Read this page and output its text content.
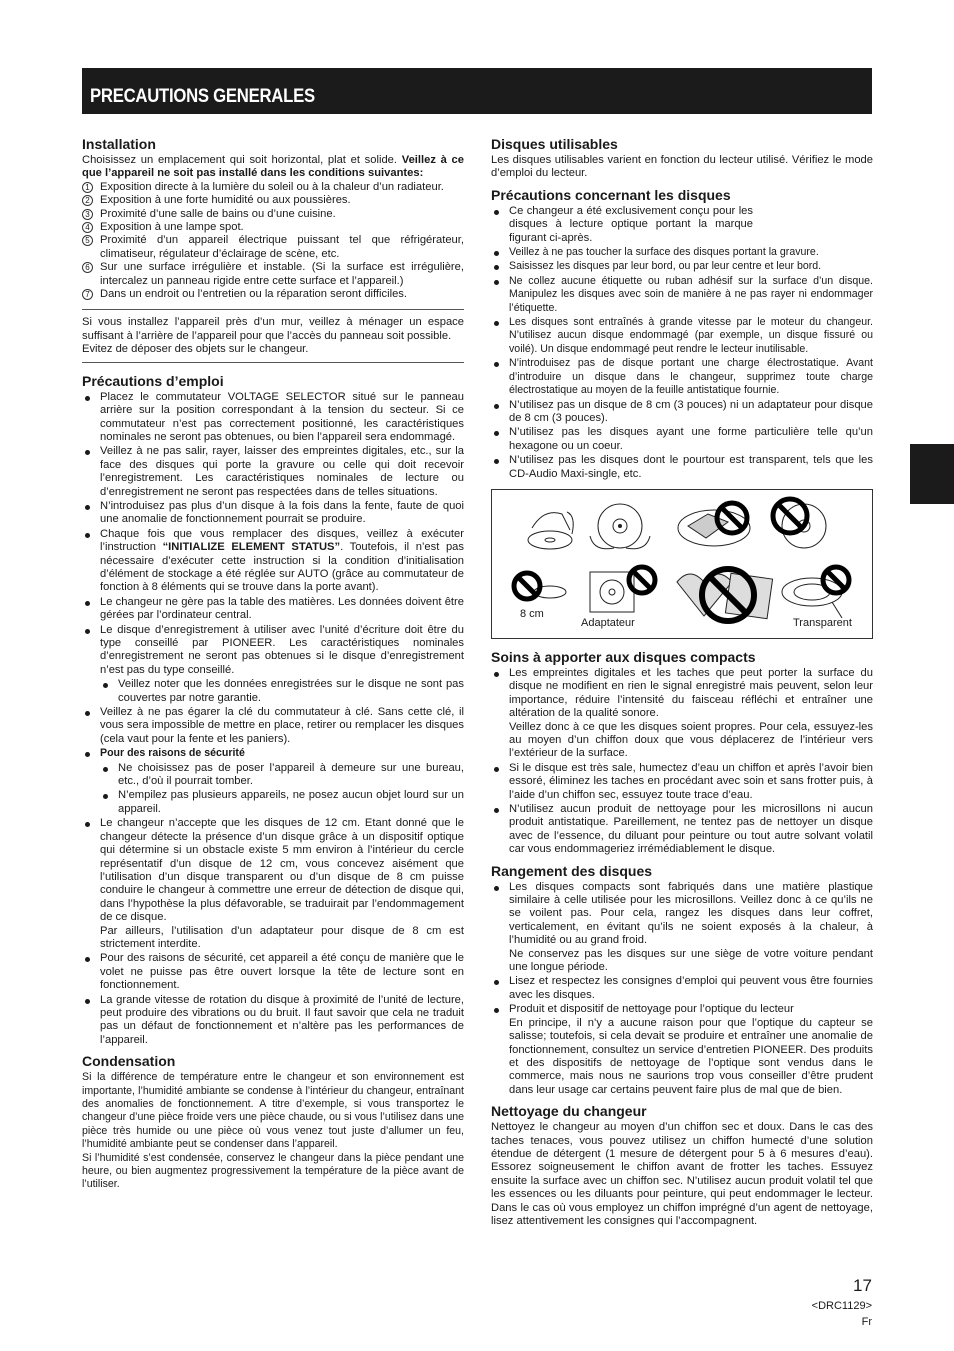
PRECAUTIONS GENERALES
Installation

Choisissez un emplacement qui soit horizontal, plat et solide. Veillez à ce que l’appareil ne soit pas installé dans les conditions suivantes:

1 Exposition directe à la lumière du soleil ou à la chaleur d’un radiateur.
2 Exposition à une forte humidité ou aux poussières.
3 Proximité d’une salle de bains ou d’une cuisine.
4 Exposition à une lampe spot.
5 Proximité d’un appareil électrique puissant tel que réfrigérateur, climatiseur, régulateur d’éclairage de scène, etc.
6 Sur une surface irrégulière et instable. (Si la surface est irrégulière, intercalez un panneau rigide entre cette surface et l’appareil.)
7 Dans un endroit ou l’entretien ou la réparation seront difficiles.

Si vous installez l’appareil près d’un mur, veillez à ménager un espace suffisant à l’arrière de l’appareil pour que l’accès du panneau soit possible.

Evitez de déposer des objets sur le changeur.

Précautions d’emploi
Placez le commutateur VOLTAGE SELECTOR situé sur le panneau arrière sur la position correspondant à la tension du secteur. Si ce commutateur n’est pas correctement positionné, les caractéristiques nominales ne seront pas obtenues, ou bien l’appareil sera endommagé.
Veillez à ne pas salir, rayer, laisser des empreintes digitales, etc., sur la face des disques qui porte la gravure ou celle qui doit recevoir l’enregistrement. Les caractéristiques nominales de lecture ou d’enregistrement ne seront pas respectées dans de telles situations.
N’introduisez pas plus d’un disque à la fois dans la fente, faute de quoi une anomalie de fonctionnement pourrait se produire.
Chaque fois que vous remplacer des disques, veillez à exécuter l’instruction “INITIALIZE ELEMENT STATUS”. Toutefois, il n’est pas nécessaire d’exécuter cette instruction si la condition d’initialisation d’élément de stockage a été réglée sur AUTO (grâce au commutateur de fonction à 8 éléments qui se trouve dans la porte avant).
Le changeur ne gère pas la table des matières. Les données doivent être gérées par l’ordinateur central.
Le disque d’enregistrement à utiliser avec l’unité d’écriture doit être du type conseillé par PIONEER. Les caractéristiques nominales d’enregistrement ne seront pas obtenues si le disque d’enregistrement n’est pas du type conseillé.
Veillez noter que les données enregistrées sur le disque ne sont pas couvertes par notre garantie.
Veillez à ne pas égarer la clé du commutateur à clé. Sans cette clé, il vous sera impossible de mettre en place, retirer ou remplacer les disques (cela vaut pour la fente et les paniers).
Pour des raisons de sécurité
Ne choisissez pas de poser l’appareil à demeure sur une bureau, etc., d’où il pourrait tomber.
N’empilez pas plusieurs appareils, ne posez aucun objet lourd sur un appareil.
Le changeur n’accepte que les disques de 12 cm. Etant donné que le changeur détecte la présence d’un disque grâce à un dispositif optique qui détermine si un obstacle existe 5 mm environ à l’intérieur du cercle représentatif d’un disque de 12 cm, vous concevez aisément que l’utilisation d’un disque transparent ou d’un disque de 8 cm puisse conduire le changeur à commettre une erreur de détection de disque qui, dans l’hypothèse la plus défavorable, se traduirait par l’endommagement de ce disque.
Par ailleurs, l’utilisation d’un adaptateur pour disque de 8 cm est strictement interdite.
Pour des raisons de sécurité, cet appareil a été conçu de manière que le volet ne puisse pas être ouvert lorsque la tête de lecture sont en fonctionnement.
La grande vitesse de rotation du disque à proximité de l’unité de lecture, peut produire des vibrations ou du bruit. Il faut savoir que cela ne traduit pas un défaut de fonctionnement et n’altère pas les performances de l’appareil.
Condensation

Si la différence de température entre le changeur et son environnement est importante, l’humidité ambiante se condense à l’intérieur du changeur, entraînant des anomalies de fonctionnement. A titre d’exemple, si vous transportez le changeur d’une pièce froide vers une pièce chaude, ou si vous l’utilisez dans une pièce très humide ou une pièce où vous venez tout juste d’allumer un feu, l’humidité ambiante peut se condenser dans l’appareil.

Si l’humidité s’est condensée, conservez le changeur dans la pièce pendant une heure, ou bien augmentez progressivement la température de la pièce avant de l’utiliser.

Disques utilisables

Les disques utilisables varient en fonction du lecteur utilisé. Vérifiez le mode d’emploi du lecteur.

Précautions concernant les disques
Ce changeur a été exclusivement conçu pour les disques à lecture optique portant la marque figurant ci-après.
Veillez à ne pas toucher la surface des disques portant la gravure.
Saisissez les disques par leur bord, ou par leur centre et leur bord.
Ne collez aucune étiquette ou ruban adhésif sur la surface d’un disque. Manipulez les disques avec soin de manière à ne pas rayer ni endommager l’étiquette.
Les disques sont entraînés à grande vitesse par le moteur du changeur. N’utilisez aucun disque endommagé (par exemple, un disque fissuré ou voilé). Un disque endommagé peut rendre le lecteur inutilisable.
N’introduisez pas de disque portant une charge électrostatique. Avant d’introduire un disque dans le changeur, supprimez toute charge électrostatique au moyen de la feuille antistatique fournie.
N’utilisez pas un disque de 8 cm (3 pouces) ni un adaptateur pour disque de 8 cm (3 pouces).
N’utilisez pas les disques ayant une forme particulière telle qu’un hexagone ou un coeur.
N’utilisez pas les disques dont le pourtour est transparent, tels que les CD-Audio Maxi-single, etc.
8 cm
Adaptateur	Transparent
Soins à apporter aux disques compacts
Les empreintes digitales et les taches que peut porter la surface du disque ne modifient en rien le signal enregistré mais peuvent, selon leur importance, réduire l’intensité du faisceau réfléchi et entraîner une altération de la qualité sonore.
Veillez donc à ce que les disques soient propres. Pour cela, essuyez-les au moyen d’un chiffon doux que vous déplacerez de l’intérieur vers l’extérieur de la surface.
Si le disque est très sale, humectez d’eau un chiffon et après l’avoir bien essoré, éliminez les taches en procédant avec soin et sans frotter puis, à l’aide d’un chiffon sec, essuyez toute trace d’eau.
N’utilisez aucun produit de nettoyage pour les microsillons ni aucun produit antistatique. Pareillement, ne tentez pas de nettoyer un disque avec de l’essence, du diluant pour peinture ou tout autre solvant volatil car vous endommageriez irrémédiablement le disque.
Rangement des disques
Les disques compacts sont fabriqués dans une matière plastique similaire à celle utilisée pour les microsillons. Veillez donc à ce qu’ils ne se voilent pas. Pour cela, rangez les disques dans leur coffret, verticalement, en évitant qu’ils ne soient exposés à la chaleur, à l’humidité ou au grand froid.
Ne conservez pas les disques sur une siège de votre voiture pendant une longue période.
Lisez et respectez les consignes d’emploi qui peuvent vous être fournies avec les disques.
Produit et dispositif de nettoyage pour l’optique du lecteur
En principe, il n’y a aucune raison pour que l’optique du capteur se salisse; toutefois, si cela devait se produire et entraîner une anomalie de fonctionnement, consultez un service d’entretien PIONEER. Des produits et des dispositifs de nettoyage de l’optique sont vendus dans le commerce, mais nous ne saurions trop vous conseiller d’être prudent dans leur usage car certains peuvent faire plus de mal que de bien.
Nettoyage du changeur

Nettoyez le changeur au moyen d’un chiffon sec et doux. Dans le cas des taches tenaces, vous pouvez utilisez un chiffon humecté d’une solution étendue de détergent (1 mesure de détergent pour 5 à 6 mesures d’eau). Essorez soigneusement le chiffon avant de frotter les taches. Essuyez ensuite la surface avec un chiffon sec. N’utilisez aucun produit volatil tel que les essences ou les diluants pour peinture, qui peut endommager le lecteur. Dans le cas où vous employez un chiffon imprégné d’un agent de nettoyage, lisez attentivement les consignes qui l’accompagnent.

17
<DRC1129>
Fr
